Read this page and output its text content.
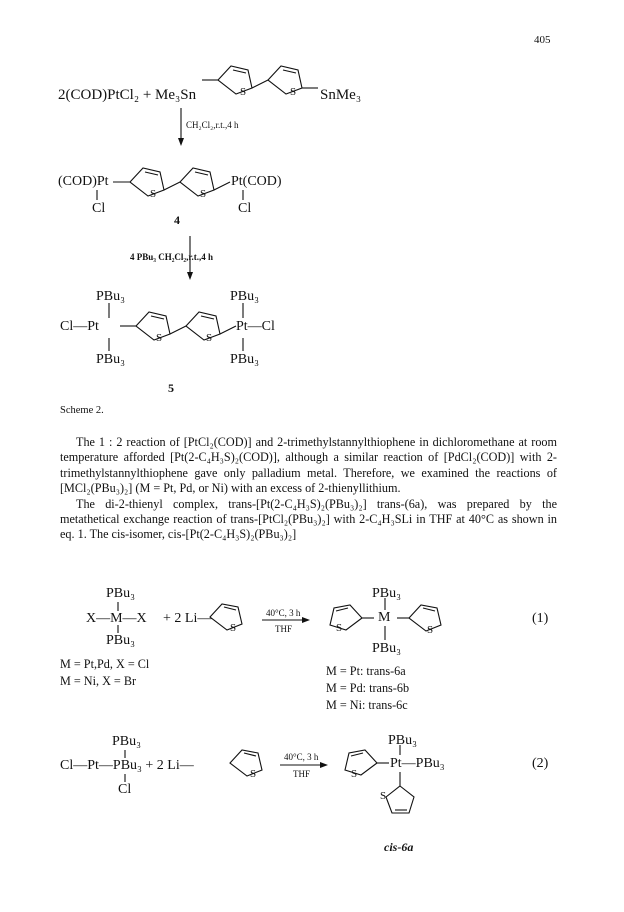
405
2(COD)PtCl₂ + Me₃Sn	SnMe₃
S	S
CH₂Cl₂,r.t.,4 h
(COD)Pt	Pt(COD)
S	S
Cl	Cl
4
4 PBu₃ CH₂Cl₂,r.t.,4 h
PBu₃	PBu₃
Cl—Pt	Pt—Cl
S	S
PBu₃	PBu₃
5
Scheme 2.

The 1 : 2 reaction of [PtCl₂(COD)] and 2-trimethylstannylthiophene in dichloromethane at room temperature afforded [Pt(2-C₄H₃S)₂(COD)], although a similar reaction of [PdCl₂(COD)] with 2-trimethylstannylthiophene gave only palladium metal. Therefore, we examined the reactions of [MCl₂(PBu₃)₂] (M = Pt, Pd, or Ni) with an excess of 2-thienyllithium.

The di-2-thienyl complex, trans-[Pt(2-C₄H₃S)₂(PBu₃)₂] trans-(6a), was prepared by the metathetical exchange reaction of trans-[PtCl₂(PBu₃)₂] with 2-C₄H₃SLi in THF at 40°C as shown in eq. 1. The cis-isomer, cis-[Pt(2-C₄H₃S)₂(PBu₃)₂]

PBu₃
X—M—X
PBu₃
+ 2 Li—
S
40°C, 3 h
THF
PBu₃
S
M
S
PBu₃
(1)
M = Pt,Pd, X = Cl
M = Ni, X = Br
M = Pt: trans-6a
M = Pd: trans-6b
M = Ni: trans-6c
PBu₃
Cl—Pt—PBu₃ + 2 Li—
Cl
S
40°C, 3 h
THF
PBu₃
S
Pt—PBu₃
S
(2)
cis-6a
